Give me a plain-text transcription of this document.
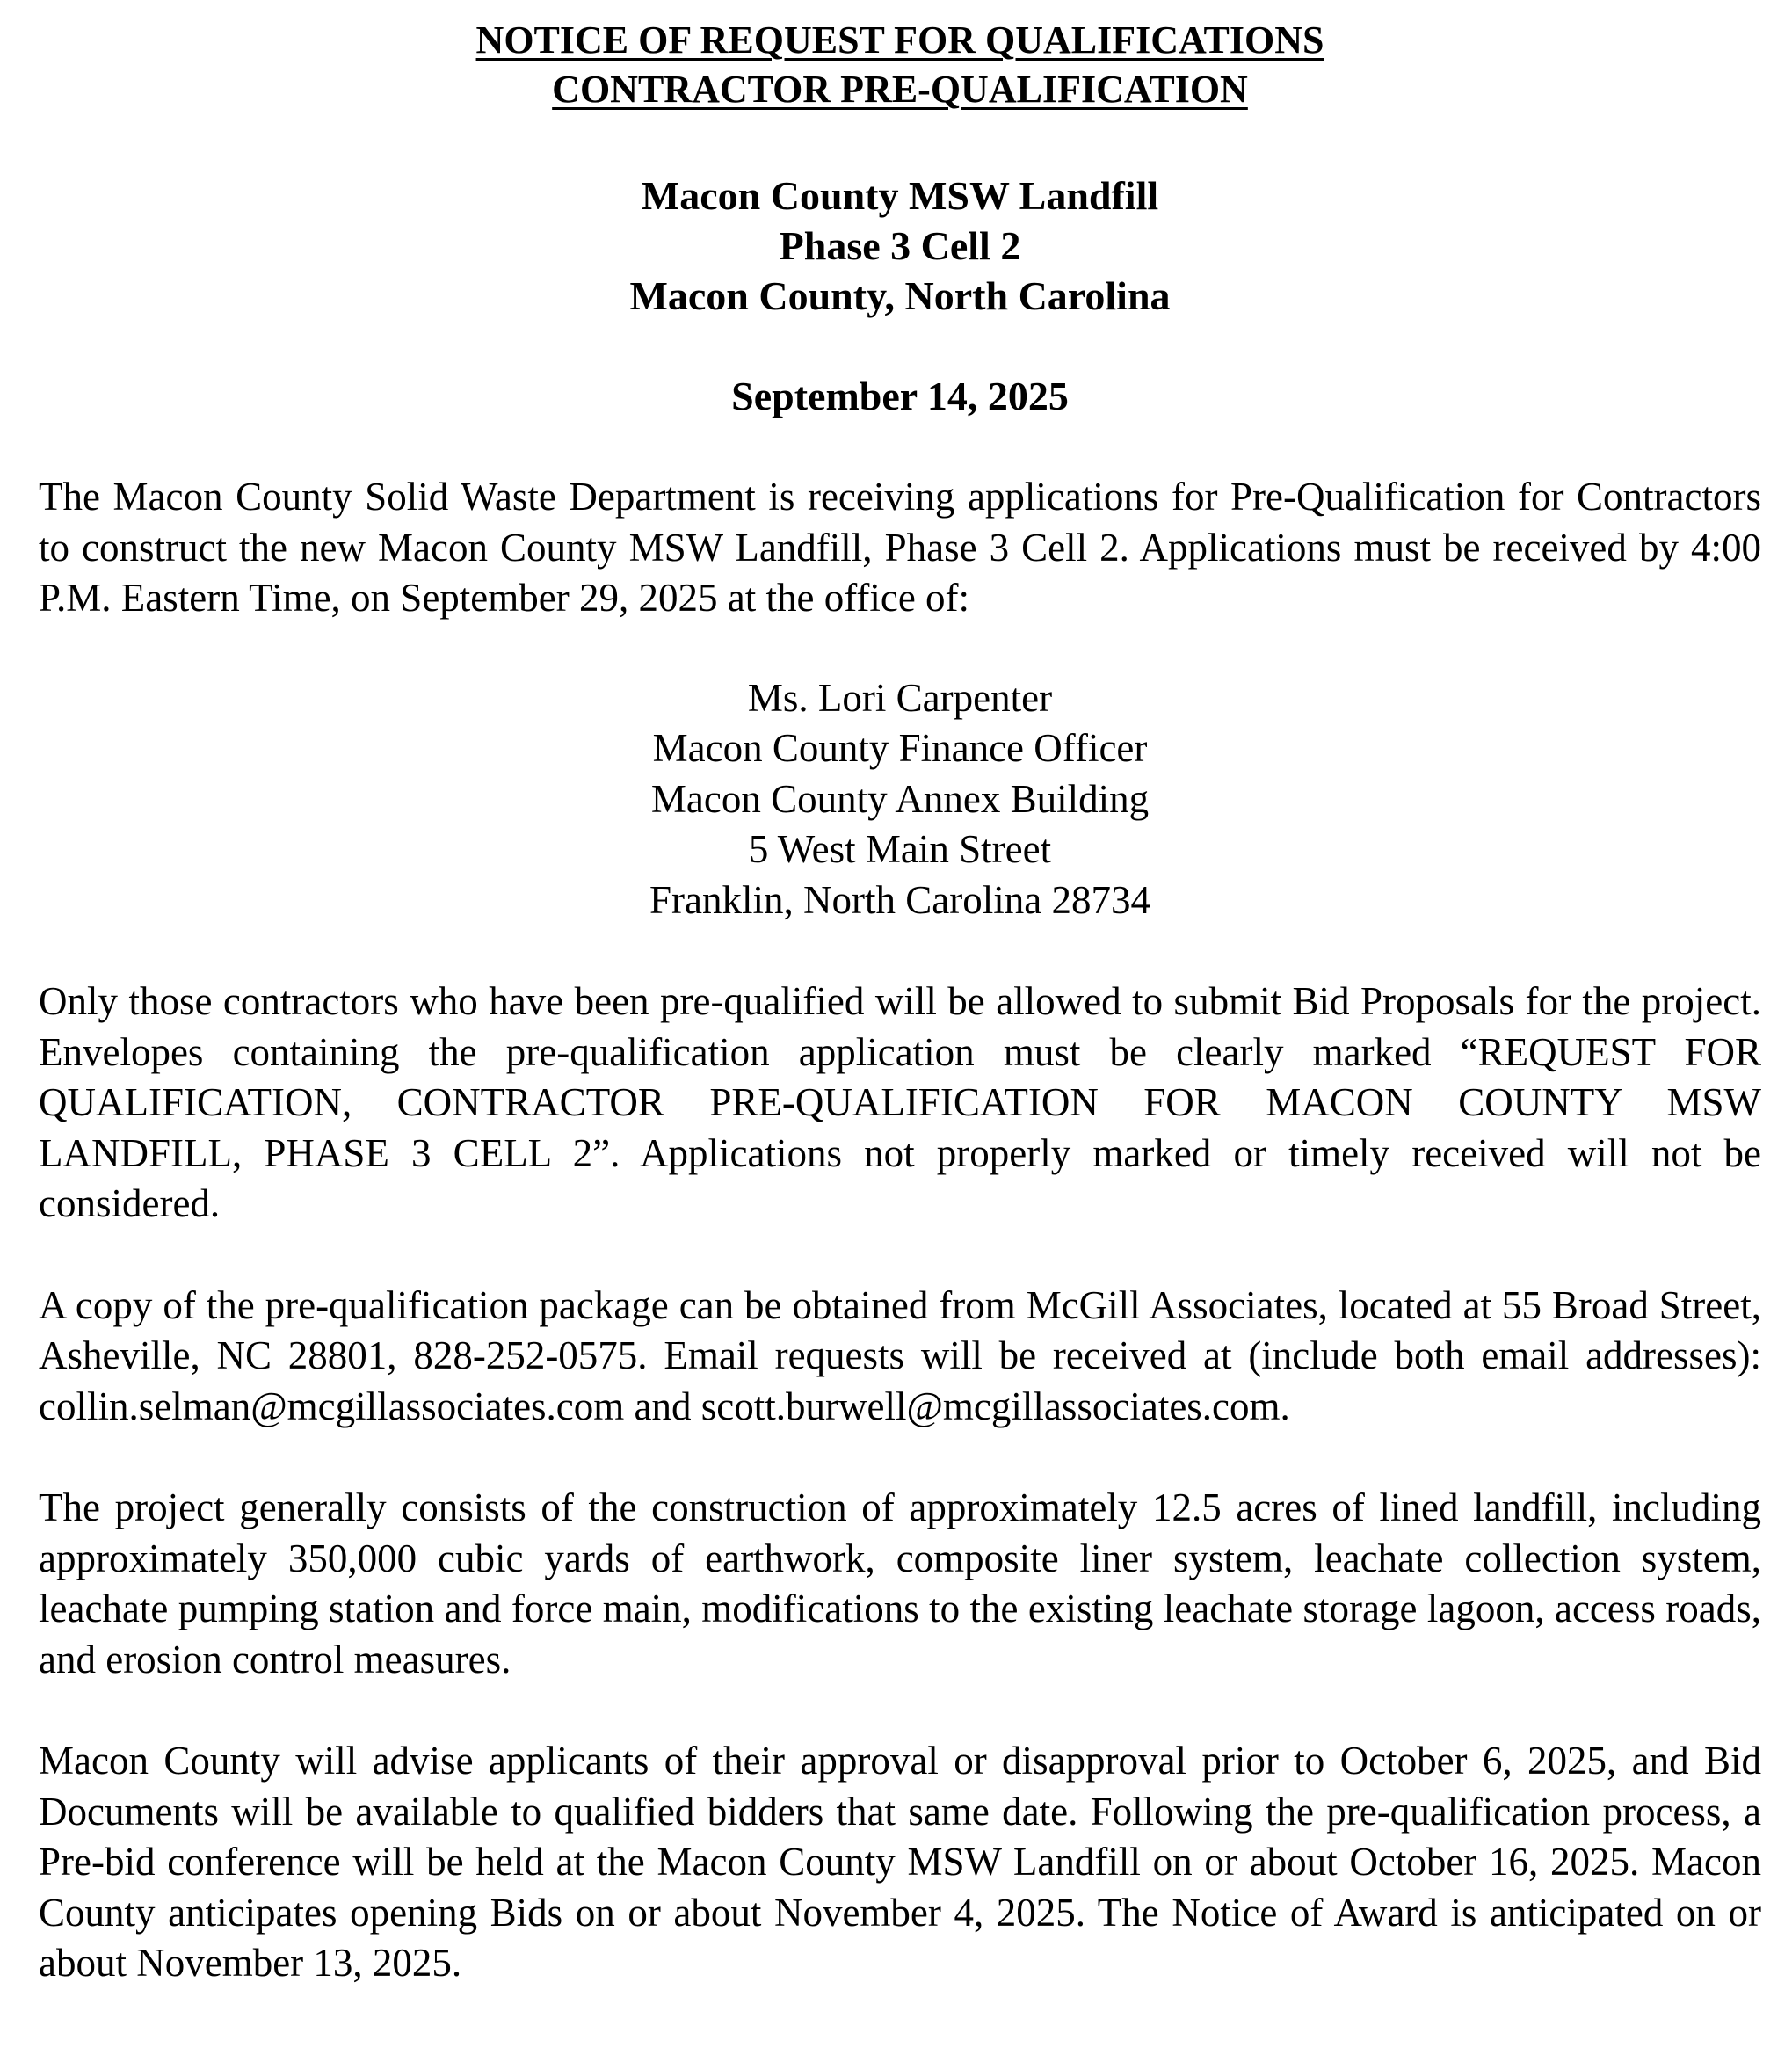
NOTICE OF REQUEST FOR QUALIFICATIONS
CONTRACTOR PRE-QUALIFICATION
Macon County MSW Landfill
Phase 3 Cell 2
Macon County, North Carolina
September 14, 2025

The Macon County Solid Waste Department is receiving applications for Pre-Qualification for Contractors to construct the new Macon County MSW Landfill, Phase 3 Cell 2. Applications must be received by 4:00 P.M. Eastern Time, on September 29, 2025 at the office of:

Ms. Lori Carpenter
Macon County Finance Officer
Macon County Annex Building
5 West Main Street
Franklin, North Carolina 28734

Only those contractors who have been pre-qualified will be allowed to submit Bid Proposals for the project. Envelopes containing the pre-qualification application must be clearly marked “REQUEST FOR QUALIFICATION, CONTRACTOR PRE-QUALIFICATION FOR MACON COUNTY MSW LANDFILL, PHASE 3 CELL 2”. Applications not properly marked or timely received will not be considered.

A copy of the pre-qualification package can be obtained from McGill Associates, located at 55 Broad Street, Asheville, NC 28801, 828-252-0575. Email requests will be received at (include both email addresses): collin.selman@mcgillassociates.com and scott.burwell@mcgillassociates.com.

The project generally consists of the construction of approximately 12.5 acres of lined landfill, including approximately 350,000 cubic yards of earthwork, composite liner system, leachate collection system, leachate pumping station and force main, modifications to the existing leachate storage lagoon, access roads, and erosion control measures.

Macon County will advise applicants of their approval or disapproval prior to October 6, 2025, and Bid Documents will be available to qualified bidders that same date. Following the pre-qualification process, a Pre-bid conference will be held at the Macon County MSW Landfill on or about October 16, 2025. Macon County anticipates opening Bids on or about November 4, 2025. The Notice of Award is anticipated on or about November 13, 2025.
